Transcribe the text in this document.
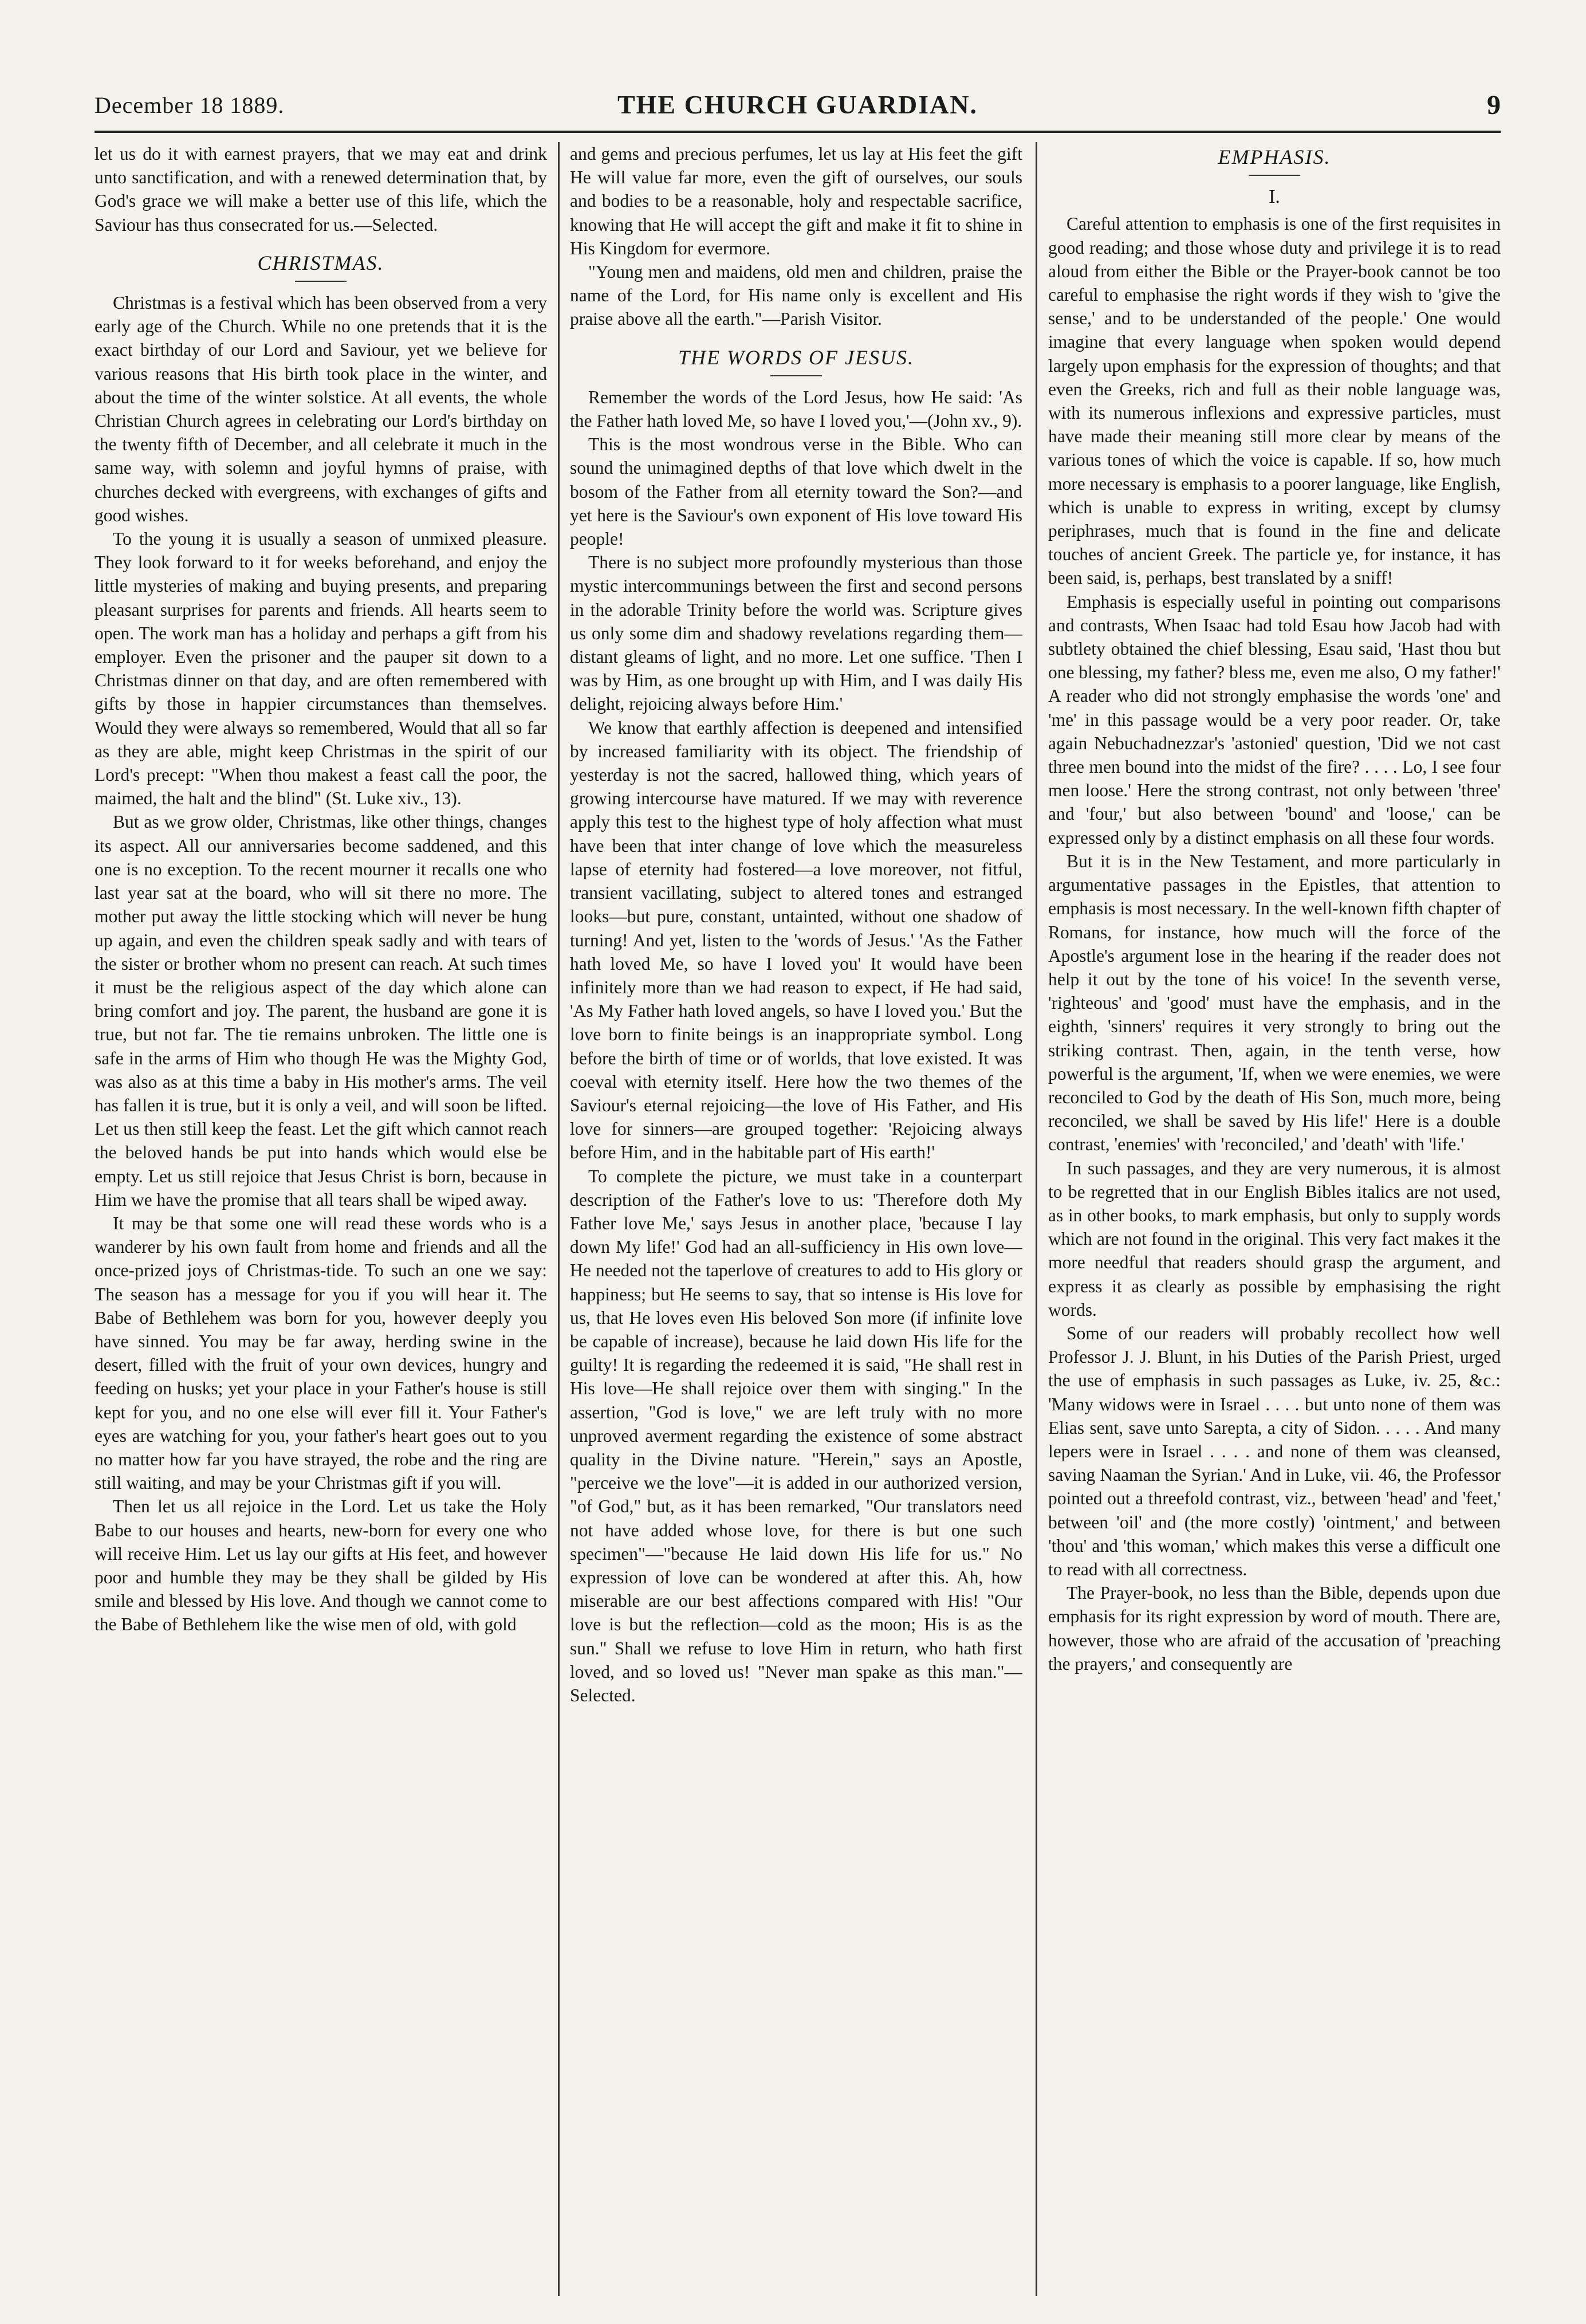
December 18 1889.	THE CHURCH GUARDIAN.	9

let us do it with earnest prayers, that we may eat and drink unto sanctification, and with a renewed determination that, by God's grace we will make a better use of this life, which the Saviour has thus consecrated for us.—Selected.

CHRISTMAS.

Christmas is a festival which has been observed from a very early age of the Church. While no one pretends that it is the exact birthday of our Lord and Saviour, yet we believe for various reasons that His birth took place in the winter, and about the time of the winter solstice. At all events, the whole Christian Church agrees in celebrating our Lord's birthday on the twenty fifth of December, and all celebrate it much in the same way, with solemn and joyful hymns of praise, with churches decked with evergreens, with exchanges of gifts and good wishes.

To the young it is usually a season of unmixed pleasure. They look forward to it for weeks beforehand, and enjoy the little mysteries of making and buying presents, and preparing pleasant surprises for parents and friends. All hearts seem to open. The work man has a holiday and perhaps a gift from his employer. Even the prisoner and the pauper sit down to a Christmas dinner on that day, and are often remembered with gifts by those in happier circumstances than themselves. Would they were always so remembered, Would that all so far as they are able, might keep Christmas in the spirit of our Lord's precept: "When thou makest a feast call the poor, the maimed, the halt and the blind" (St. Luke xiv., 13).

But as we grow older, Christmas, like other things, changes its aspect. All our anniversaries become saddened, and this one is no exception. To the recent mourner it recalls one who last year sat at the board, who will sit there no more. The mother put away the little stocking which will never be hung up again, and even the children speak sadly and with tears of the sister or brother whom no present can reach. At such times it must be the religious aspect of the day which alone can bring comfort and joy. The parent, the husband are gone it is true, but not far. The tie remains unbroken. The little one is safe in the arms of Him who though He was the Mighty God, was also as at this time a baby in His mother's arms. The veil has fallen it is true, but it is only a veil, and will soon be lifted. Let us then still keep the feast. Let the gift which cannot reach the beloved hands be put into hands which would else be empty. Let us still rejoice that Jesus Christ is born, because in Him we have the promise that all tears shall be wiped away.

It may be that some one will read these words who is a wanderer by his own fault from home and friends and all the once-prized joys of Christmas-tide. To such an one we say: The season has a message for you if you will hear it. The Babe of Bethlehem was born for you, however deeply you have sinned. You may be far away, herding swine in the desert, filled with the fruit of your own devices, hungry and feeding on husks; yet your place in your Father's house is still kept for you, and no one else will ever fill it. Your Father's eyes are watching for you, your father's heart goes out to you no matter how far you have strayed, the robe and the ring are still waiting, and may be your Christmas gift if you will.

Then let us all rejoice in the Lord. Let us take the Holy Babe to our houses and hearts, new-born for every one who will receive Him. Let us lay our gifts at His feet, and however poor and humble they may be they shall be gilded by His smile and blessed by His love. And though we cannot come to the Babe of Bethlehem like the wise men of old, with gold

and gems and precious perfumes, let us lay at His feet the gift He will value far more, even the gift of ourselves, our souls and bodies to be a reasonable, holy and respectable sacrifice, knowing that He will accept the gift and make it fit to shine in His Kingdom for evermore.

"Young men and maidens, old men and children, praise the name of the Lord, for His name only is excellent and His praise above all the earth."—Parish Visitor.

THE WORDS OF JESUS.

Remember the words of the Lord Jesus, how He said: 'As the Father hath loved Me, so have I loved you,'—(John xv., 9).

This is the most wondrous verse in the Bible. Who can sound the unimagined depths of that love which dwelt in the bosom of the Father from all eternity toward the Son?—and yet here is the Saviour's own exponent of His love toward His people!

There is no subject more profoundly mysterious than those mystic intercommunings between the first and second persons in the adorable Trinity before the world was. Scripture gives us only some dim and shadowy revelations regarding them—distant gleams of light, and no more. Let one suffice. 'Then I was by Him, as one brought up with Him, and I was daily His delight, rejoicing always before Him.'

We know that earthly affection is deepened and intensified by increased familiarity with its object. The friendship of yesterday is not the sacred, hallowed thing, which years of growing intercourse have matured. If we may with reverence apply this test to the highest type of holy affection what must have been that inter change of love which the measureless lapse of eternity had fostered—a love moreover, not fitful, transient vacillating, subject to altered tones and estranged looks—but pure, constant, untainted, without one shadow of turning! And yet, listen to the 'words of Jesus.' 'As the Father hath loved Me, so have I loved you' It would have been infinitely more than we had reason to expect, if He had said, 'As My Father hath loved angels, so have I loved you.' But the love born to finite beings is an inappropriate symbol. Long before the birth of time or of worlds, that love existed. It was coeval with eternity itself. Here how the two themes of the Saviour's eternal rejoicing—the love of His Father, and His love for sinners—are grouped together: 'Rejoicing always before Him, and in the habitable part of His earth!'

To complete the picture, we must take in a counterpart description of the Father's love to us: 'Therefore doth My Father love Me,' says Jesus in another place, 'because I lay down My life!' God had an all-sufficiency in His own love—He needed not the taperlove of creatures to add to His glory or happiness; but He seems to say, that so intense is His love for us, that He loves even His beloved Son more (if infinite love be capable of increase), because he laid down His life for the guilty! It is regarding the redeemed it is said, "He shall rest in His love—He shall rejoice over them with singing." In the assertion, "God is love," we are left truly with no more unproved averment regarding the existence of some abstract quality in the Divine nature. "Herein," says an Apostle, "perceive we the love"—it is added in our authorized version, "of God," but, as it has been remarked, "Our translators need not have added whose love, for there is but one such specimen"—"because He laid down His life for us." No expression of love can be wondered at after this. Ah, how miserable are our best affections compared with His! "Our love is but the reflection—cold as the moon; His is as the sun." Shall we refuse to love Him in return, who hath first loved, and so loved us! "Never man spake as this man."—Selected.

EMPHASIS.
I.

Careful attention to emphasis is one of the first requisites in good reading; and those whose duty and privilege it is to read aloud from either the Bible or the Prayer-book cannot be too careful to emphasise the right words if they wish to 'give the sense,' and to be understanded of the people.' One would imagine that every language when spoken would depend largely upon emphasis for the expression of thoughts; and that even the Greeks, rich and full as their noble language was, with its numerous inflexions and expressive particles, must have made their meaning still more clear by means of the various tones of which the voice is capable. If so, how much more necessary is emphasis to a poorer language, like English, which is unable to express in writing, except by clumsy periphrases, much that is found in the fine and delicate touches of ancient Greek. The particle ye, for instance, it has been said, is, perhaps, best translated by a sniff!

Emphasis is especially useful in pointing out comparisons and contrasts, When Isaac had told Esau how Jacob had with subtlety obtained the chief blessing, Esau said, 'Hast thou but one blessing, my father? bless me, even me also, O my father!' A reader who did not strongly emphasise the words 'one' and 'me' in this passage would be a very poor reader. Or, take again Nebuchadnezzar's 'astonied' question, 'Did we not cast three men bound into the midst of the fire? . . . . Lo, I see four men loose.' Here the strong contrast, not only between 'three' and 'four,' but also between 'bound' and 'loose,' can be expressed only by a distinct emphasis on all these four words.

But it is in the New Testament, and more particularly in argumentative passages in the Epistles, that attention to emphasis is most necessary. In the well-known fifth chapter of Romans, for instance, how much will the force of the Apostle's argument lose in the hearing if the reader does not help it out by the tone of his voice! In the seventh verse, 'righteous' and 'good' must have the emphasis, and in the eighth, 'sinners' requires it very strongly to bring out the striking contrast. Then, again, in the tenth verse, how powerful is the argument, 'If, when we were enemies, we were reconciled to God by the death of His Son, much more, being reconciled, we shall be saved by His life!' Here is a double contrast, 'enemies' with 'reconciled,' and 'death' with 'life.'

In such passages, and they are very numerous, it is almost to be regretted that in our English Bibles italics are not used, as in other books, to mark emphasis, but only to supply words which are not found in the original. This very fact makes it the more needful that readers should grasp the argument, and express it as clearly as possible by emphasising the right words.

Some of our readers will probably recollect how well Professor J. J. Blunt, in his Duties of the Parish Priest, urged the use of emphasis in such passages as Luke, iv. 25, &c.: 'Many widows were in Israel . . . . but unto none of them was Elias sent, save unto Sarepta, a city of Sidon. . . . . And many lepers were in Israel . . . . and none of them was cleansed, saving Naaman the Syrian.' And in Luke, vii. 46, the Professor pointed out a threefold contrast, viz., between 'head' and 'feet,' between 'oil' and (the more costly) 'ointment,' and between 'thou' and 'this woman,' which makes this verse a difficult one to read with all correctness.

The Prayer-book, no less than the Bible, depends upon due emphasis for its right expression by word of mouth. There are, however, those who are afraid of the accusation of 'preaching the prayers,' and consequently are
